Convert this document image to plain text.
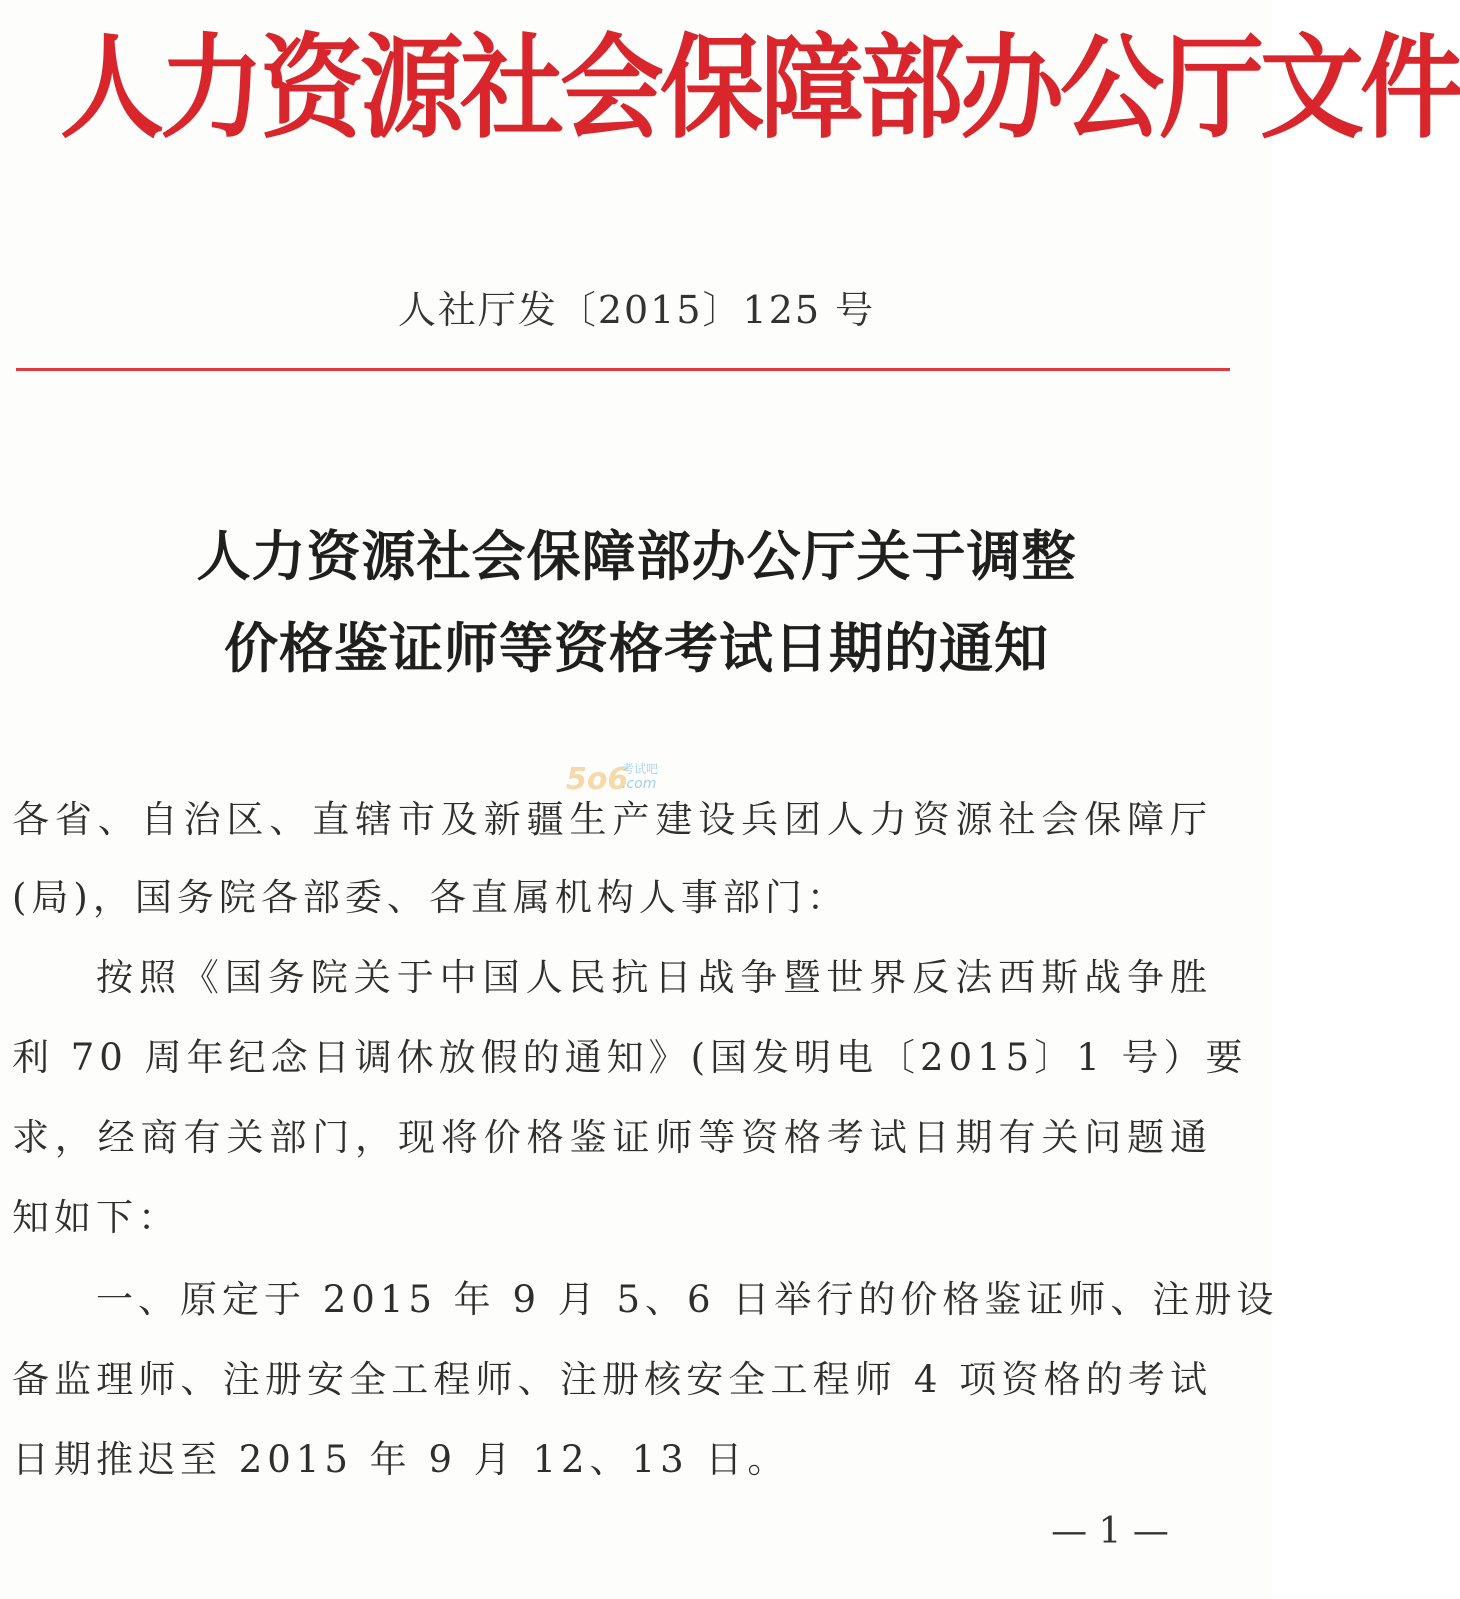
人力资源社会保障部办公厅文件
人社厅发〔2015〕125 号
人力资源社会保障部办公厅关于调整
价格鉴证师等资格考试日期的通知
5o6
考试吧
.com
各省、自治区、直辖市及新疆生产建设兵团人力资源社会保障厅
(局)，国务院各部委、各直属机构人事部门：
按照《国务院关于中国人民抗日战争暨世界反法西斯战争胜
利 70 周年纪念日调休放假的通知》(国发明电〔2015〕1 号）要
求，经商有关部门，现将价格鉴证师等资格考试日期有关问题通
知如下：
一、原定于 2015 年 9 月 5、6 日举行的价格鉴证师、注册设
备监理师、注册安全工程师、注册核安全工程师 4 项资格的考试
日期推迟至 2015 年 9 月 12、13 日。
— 1 —
